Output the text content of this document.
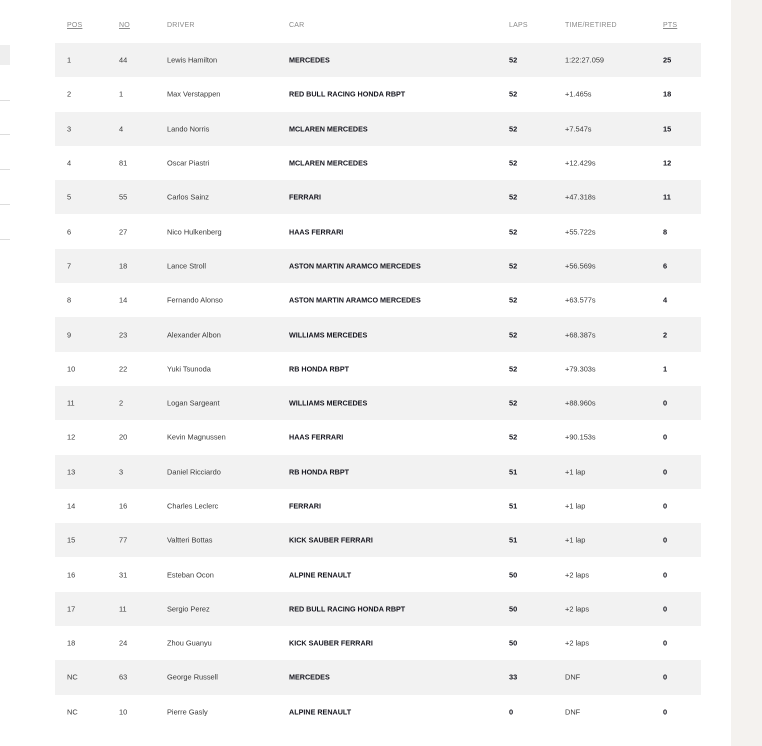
POS	NO	DRIVER	CAR	LAPS	TIME/RETIRED	PTS
1	44	Lewis Hamilton	MERCEDES	52	1:22:27.059	25
2	1	Max Verstappen	RED BULL RACING HONDA RBPT	52	+1.465s	18
3	4	Lando Norris	MCLAREN MERCEDES	52	+7.547s	15
4	81	Oscar Piastri	MCLAREN MERCEDES	52	+12.429s	12
5	55	Carlos Sainz	FERRARI	52	+47.318s	11
6	27	Nico Hulkenberg	HAAS FERRARI	52	+55.722s	8
7	18	Lance Stroll	ASTON MARTIN ARAMCO MERCEDES	52	+56.569s	6
8	14	Fernando Alonso	ASTON MARTIN ARAMCO MERCEDES	52	+63.577s	4
9	23	Alexander Albon	WILLIAMS MERCEDES	52	+68.387s	2
10	22	Yuki Tsunoda	RB HONDA RBPT	52	+79.303s	1
11	2	Logan Sargeant	WILLIAMS MERCEDES	52	+88.960s	0
12	20	Kevin Magnussen	HAAS FERRARI	52	+90.153s	0
13	3	Daniel Ricciardo	RB HONDA RBPT	51	+1 lap	0
14	16	Charles Leclerc	FERRARI	51	+1 lap	0
15	77	Valtteri Bottas	KICK SAUBER FERRARI	51	+1 lap	0
16	31	Esteban Ocon	ALPINE RENAULT	50	+2 laps	0
17	11	Sergio Perez	RED BULL RACING HONDA RBPT	50	+2 laps	0
18	24	Zhou Guanyu	KICK SAUBER FERRARI	50	+2 laps	0
NC	63	George Russell	MERCEDES	33	DNF	0
NC	10	Pierre Gasly	ALPINE RENAULT	0	DNF	0
